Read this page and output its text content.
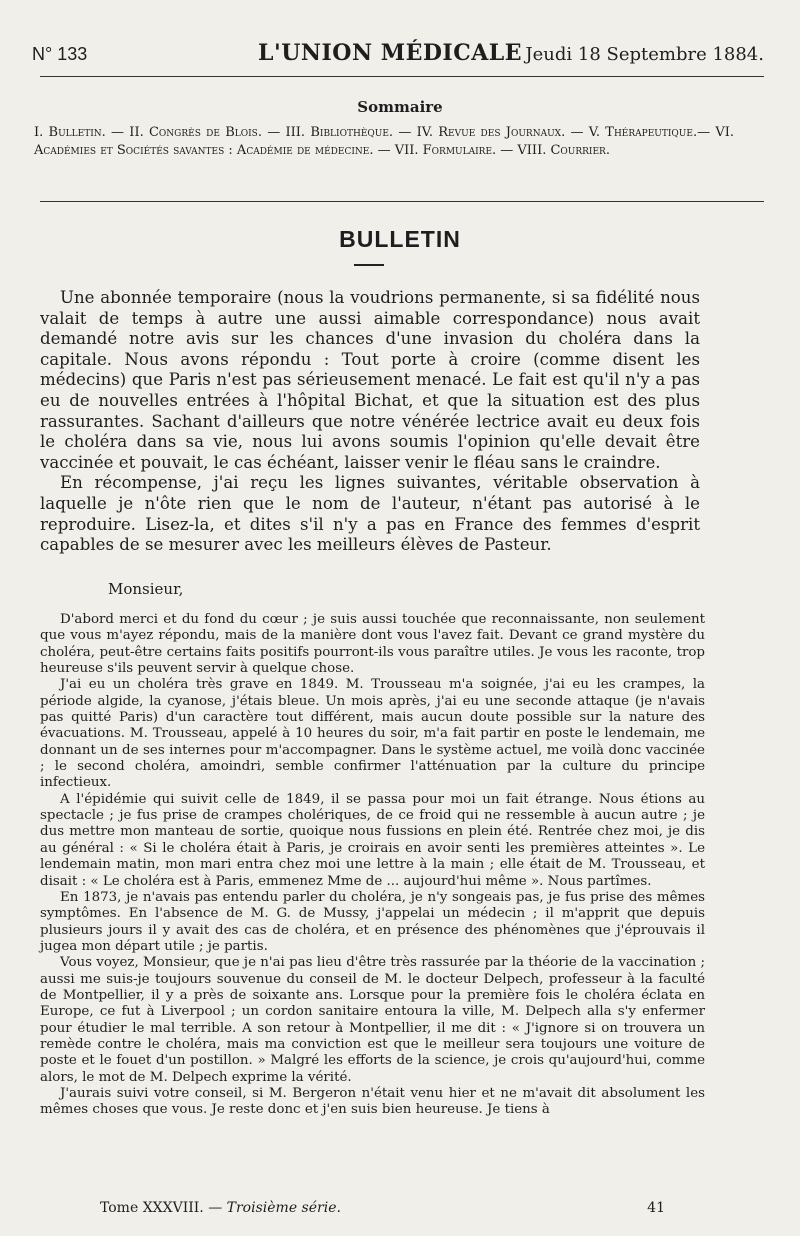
N° 133	L'UNION MÉDICALE Jeudi 18 Septembre 1884.
Sommaire
I. Bulletin. — II. Congrès de Blois. — III. Bibliothèque. — IV. Revue des Journaux. — V. Thérapeutique.— VI. Académies et Sociétés savantes : Académie de médecine. — VII. Formulaire. — VIII. Courrier.
BULLETIN

Une abonnée temporaire (nous la voudrions permanente, si sa fidélité nous valait de temps à autre une aussi aimable correspondance) nous avait demandé notre avis sur les chances d'une invasion du choléra dans la capitale. Nous avons répondu : Tout porte à croire (comme disent les médecins) que Paris n'est pas sérieusement menacé. Le fait est qu'il n'y a pas eu de nouvelles entrées à l'hôpital Bichat, et que la situation est des plus rassurantes. Sachant d'ailleurs que notre vénérée lectrice avait eu deux fois le choléra dans sa vie, nous lui avons soumis l'opinion qu'elle devait être vaccinée et pouvait, le cas échéant, laisser venir le fléau sans le craindre.

En récompense, j'ai reçu les lignes suivantes, véritable observation à laquelle je n'ôte rien que le nom de l'auteur, n'étant pas autorisé à le reproduire. Lisez-la, et dites s'il n'y a pas en France des femmes d'esprit capables de se mesurer avec les meilleurs élèves de Pasteur.

Monsieur,

D'abord merci et du fond du cœur ; je suis aussi touchée que reconnaissante, non seulement que vous m'ayez répondu, mais de la manière dont vous l'avez fait. Devant ce grand mystère du choléra, peut-être certains faits positifs pourront-ils vous paraître utiles. Je vous les raconte, trop heureuse s'ils peuvent servir à quelque chose.

J'ai eu un choléra très grave en 1849. M. Trousseau m'a soignée, j'ai eu les crampes, la période algide, la cyanose, j'étais bleue. Un mois après, j'ai eu une seconde attaque (je n'avais pas quitté Paris) d'un caractère tout différent, mais aucun doute possible sur la nature des évacuations. M. Trousseau, appelé à 10 heures du soir, m'a fait partir en poste le lendemain, me donnant un de ses internes pour m'accompagner. Dans le système actuel, me voilà donc vaccinée ; le second choléra, amoindri, semble confirmer l'atténuation par la culture du principe infectieux.

A l'épidémie qui suivit celle de 1849, il se passa pour moi un fait étrange. Nous étions au spectacle ; je fus prise de crampes cholériques, de ce froid qui ne ressemble à aucun autre ; je dus mettre mon manteau de sortie, quoique nous fussions en plein été. Rentrée chez moi, je dis au général : « Si le choléra était à Paris, je croirais en avoir senti les premières atteintes ». Le lendemain matin, mon mari entra chez moi une lettre à la main ; elle était de M. Trousseau, et disait : « Le choléra est à Paris, emmenez Mme de ... aujourd'hui même ». Nous partîmes.

En 1873, je n'avais pas entendu parler du choléra, je n'y songeais pas, je fus prise des mêmes symptômes. En l'absence de M. G. de Mussy, j'appelai un médecin ; il m'apprit que depuis plusieurs jours il y avait des cas de choléra, et en présence des phénomènes que j'éprouvais il jugea mon départ utile ; je partis.

Vous voyez, Monsieur, que je n'ai pas lieu d'être très rassurée par la théorie de la vaccination ; aussi me suis-je toujours souvenue du conseil de M. le docteur Delpech, professeur à la faculté de Montpellier, il y a près de soixante ans. Lorsque pour la première fois le choléra éclata en Europe, ce fut à Liverpool ; un cordon sanitaire entoura la ville, M. Delpech alla s'y enfermer pour étudier le mal terrible. A son retour à Montpellier, il me dit : « J'ignore si on trouvera un remède contre le choléra, mais ma conviction est que le meilleur sera toujours une voiture de poste et le fouet d'un postillon. » Malgré les efforts de la science, je crois qu'aujourd'hui, comme alors, le mot de M. Delpech exprime la vérité.

J'aurais suivi votre conseil, si M. Bergeron n'était venu hier et ne m'avait dit absolument les mêmes choses que vous. Je reste donc et j'en suis bien heureuse. Je tiens à

Tome XXXVIII. — Troisième série.	41
